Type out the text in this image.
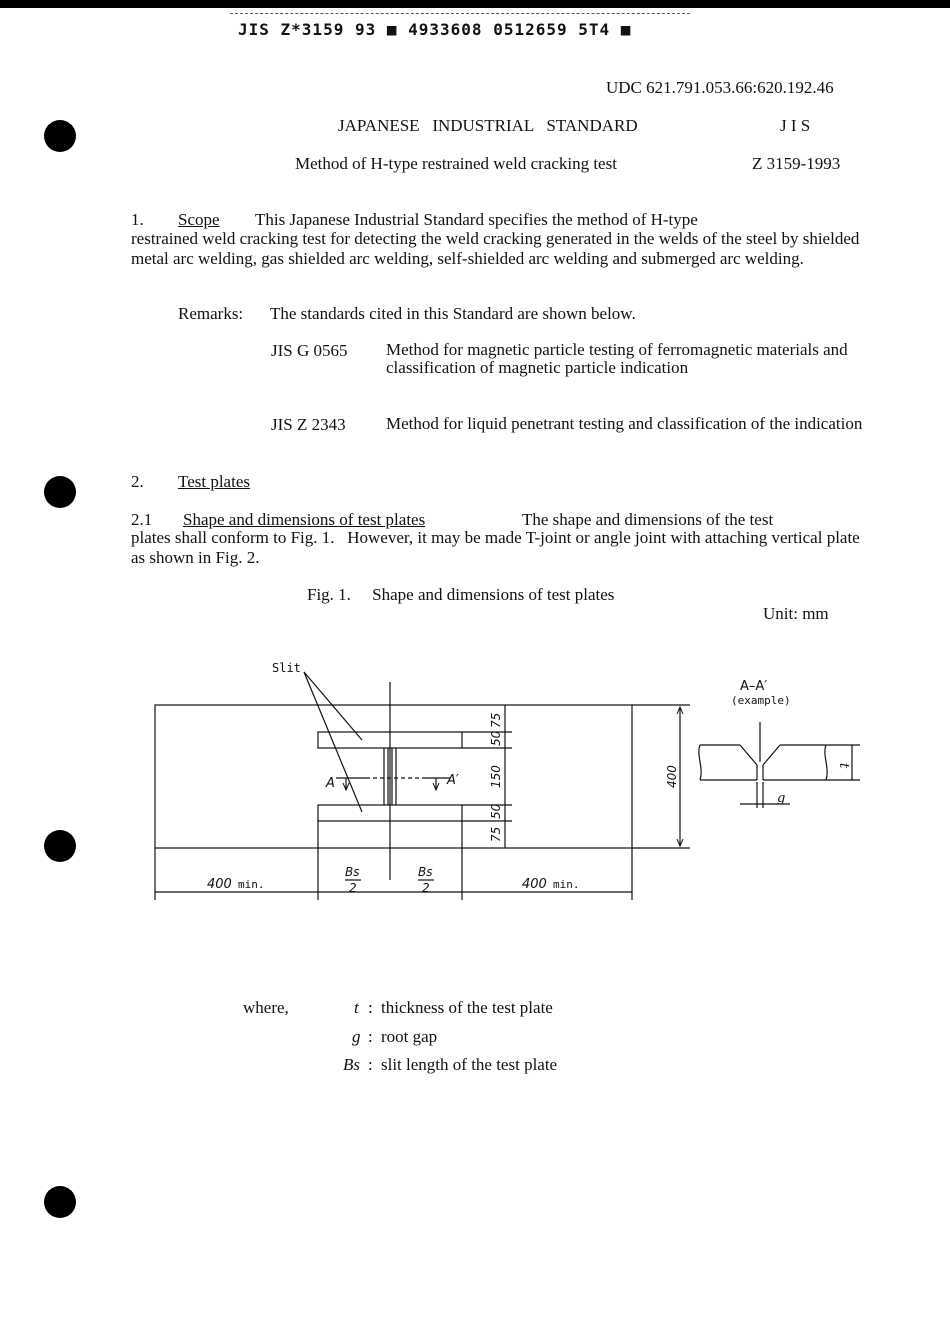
JIS Z*3159 93 ■ 4933608 0512659 5T4 ■
UDC 621.791.053.66:620.192.46
JAPANESE   INDUSTRIAL   STANDARD	J I S
Method of H-type restrained weld cracking test	Z 3159-1993
1. Scope This Japanese Industrial Standard specifies the method of H-type
restrained weld cracking test for detecting the weld cracking generated in the welds of the steel by shielded metal arc welding, gas shielded arc welding, self-shielded arc welding and submerged arc welding.
Remarks: The standards cited in this Standard are shown below.
JIS G 0565 Method for magnetic particle testing of ferromagnetic materials and classification of magnetic particle indication
JIS Z 2343 Method for liquid penetrant testing and classification of the indication
2. Test plates
2.1 Shape and dimensions of test plates	The shape and dimensions of the test
plates shall conform to Fig. 1.   However, it may be made T-joint or angle joint with attaching vertical plate as shown in Fig. 2.
Fig. 1.     Shape and dimensions of test plates
Unit: mm
Slit
A	A′
A–A′
(example)
t
g
75
50
150
50
75
400
400 min.	400 min.
Bs
2
Bs
2
where,	t : thickness of the test plate
g : root gap
Bs : slit length of the test plate
